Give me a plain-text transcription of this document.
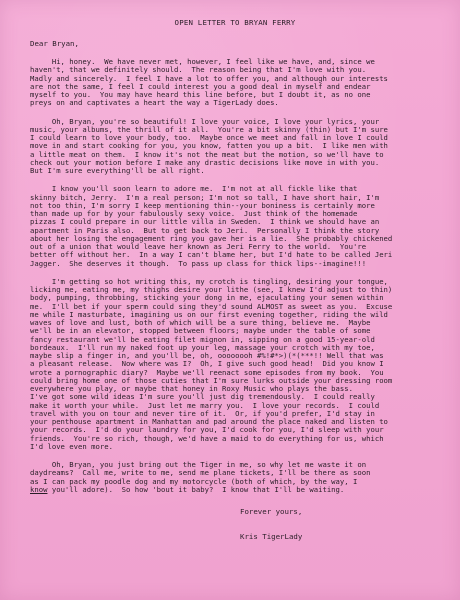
OPEN LETTER TO BRYAN FERRY
Dear Bryan,
Hi, honey.  We have never met, however, I feel like we have, and, since we
haven't, that we definitely should.  The reason being that I'm love with you.
Madly and sincerely.  I feel I have a lot to offer you, and although our interests
are not the same, I feel I could interest you a good deal in myself and endear
myself to you.  You may have heard this line before, but I doubt it, as no one
preys on and captivates a heart the way a TigerLady does.
Oh, Bryan, you're so beautiful! I love your voice, I love your lyrics, your
music, your albums, the thrill of it all.  You're a bit skinny (thin) but I'm sure
I could learn to love your body, too.  Maybe once we meet and fall in love I could
move in and start cooking for you, you know, fatten you up a bit.  I like men with
a little meat on them.  I know it's not the meat but the motion, so we'll have to
check out your motion before I make any drastic decisions like move in with you.
But I'm sure everything'll be all right.
I know you'll soon learn to adore me.  I'm not at all fickle like that
skinny bitch, Jerry.  I'm a real person; I'm not so tall, I have short hair, I'm
not too thin, I'm sorry I keep mentioning thin--your boniness is certainly more
than made up for by your fabulously sexy voice.  Just think of the homemade
pizzas I could prepare in our little villa in Sweden.  I think we should have an
apartment in Paris also.  But to get back to Jeri.  Personally I think the story
about her losing the engagement ring you gave her is a lie.  She probably chickened
out of a union that would leave her known as Jeri Ferry to the world.  You're
better off without her.  In a way I can't blame her, but I'd hate to be called Jeri
Jagger.  She deserves it though.  To pass up class for thick lips--imagine!!!
I'm getting so hot writing this, my crotch is tingling, desiring your tongue,
licking me, eating me, my thighs desire your lithe (see, I knew I'd adjust to thin)
body, pumping, throbbing, sticking your dong in me, ejaculating your semen within
me.  I'll bet if your sperm could sing they'd sound ALMOST as sweet as you.  Excuse
me while I masturbate, imagining us on our first evening together, riding the wild
waves of love and lust, both of which will be a sure thing, believe me.  Maybe
we'll be in an elevator, stopped between floors; maybe under the table of some
fancy restaurant we'll be eating filet mignon in, sipping on a good 15-year-old
bordeaux.  I'll run my naked foot up your leg, massage your crotch with my toe,
maybe slip a finger in, and you'll be, oh, oooooooh #%!#*>)(*(***!! Well that was
a pleasant release.  Now where was I?  Oh, I give such good head!  Did you know I
wrote a pornographic diary?  Maybe we'll reenact some episodes from my book.  You
could bring home one of those cuties that I'm sure lurks outside your dressing room
everywhere you play, or maybe that honey in Roxy Music who plays the bass.
I've got some wild ideas I'm sure you'll just dig tremendously.  I could really
make it worth your while.  Just let me marry you.  I love your records.  I could
travel with you on tour and never tire of it.  Or, if you'd prefer, I'd stay in
your penthouse apartment in Manhattan and pad around the place naked and listen to
your records.  I'd do your laundry for you, I'd cook for you, I'd sleep with your
friends.  You're so rich, though, we'd have a maid to do everything for us, which
I'd love even more.
Oh, Bryan, you just bring out the Tiger in me, so why let me waste it on
daydreams?  Call me, write to me, send me plane tickets, I'll be there as soon
as I can pack my poodle dog and my motorcycle (both of which, by the way, I
know you'll adore).  So how 'bout it baby?  I know that I'll be waiting.
Forever yours,
Kris TigerLady
